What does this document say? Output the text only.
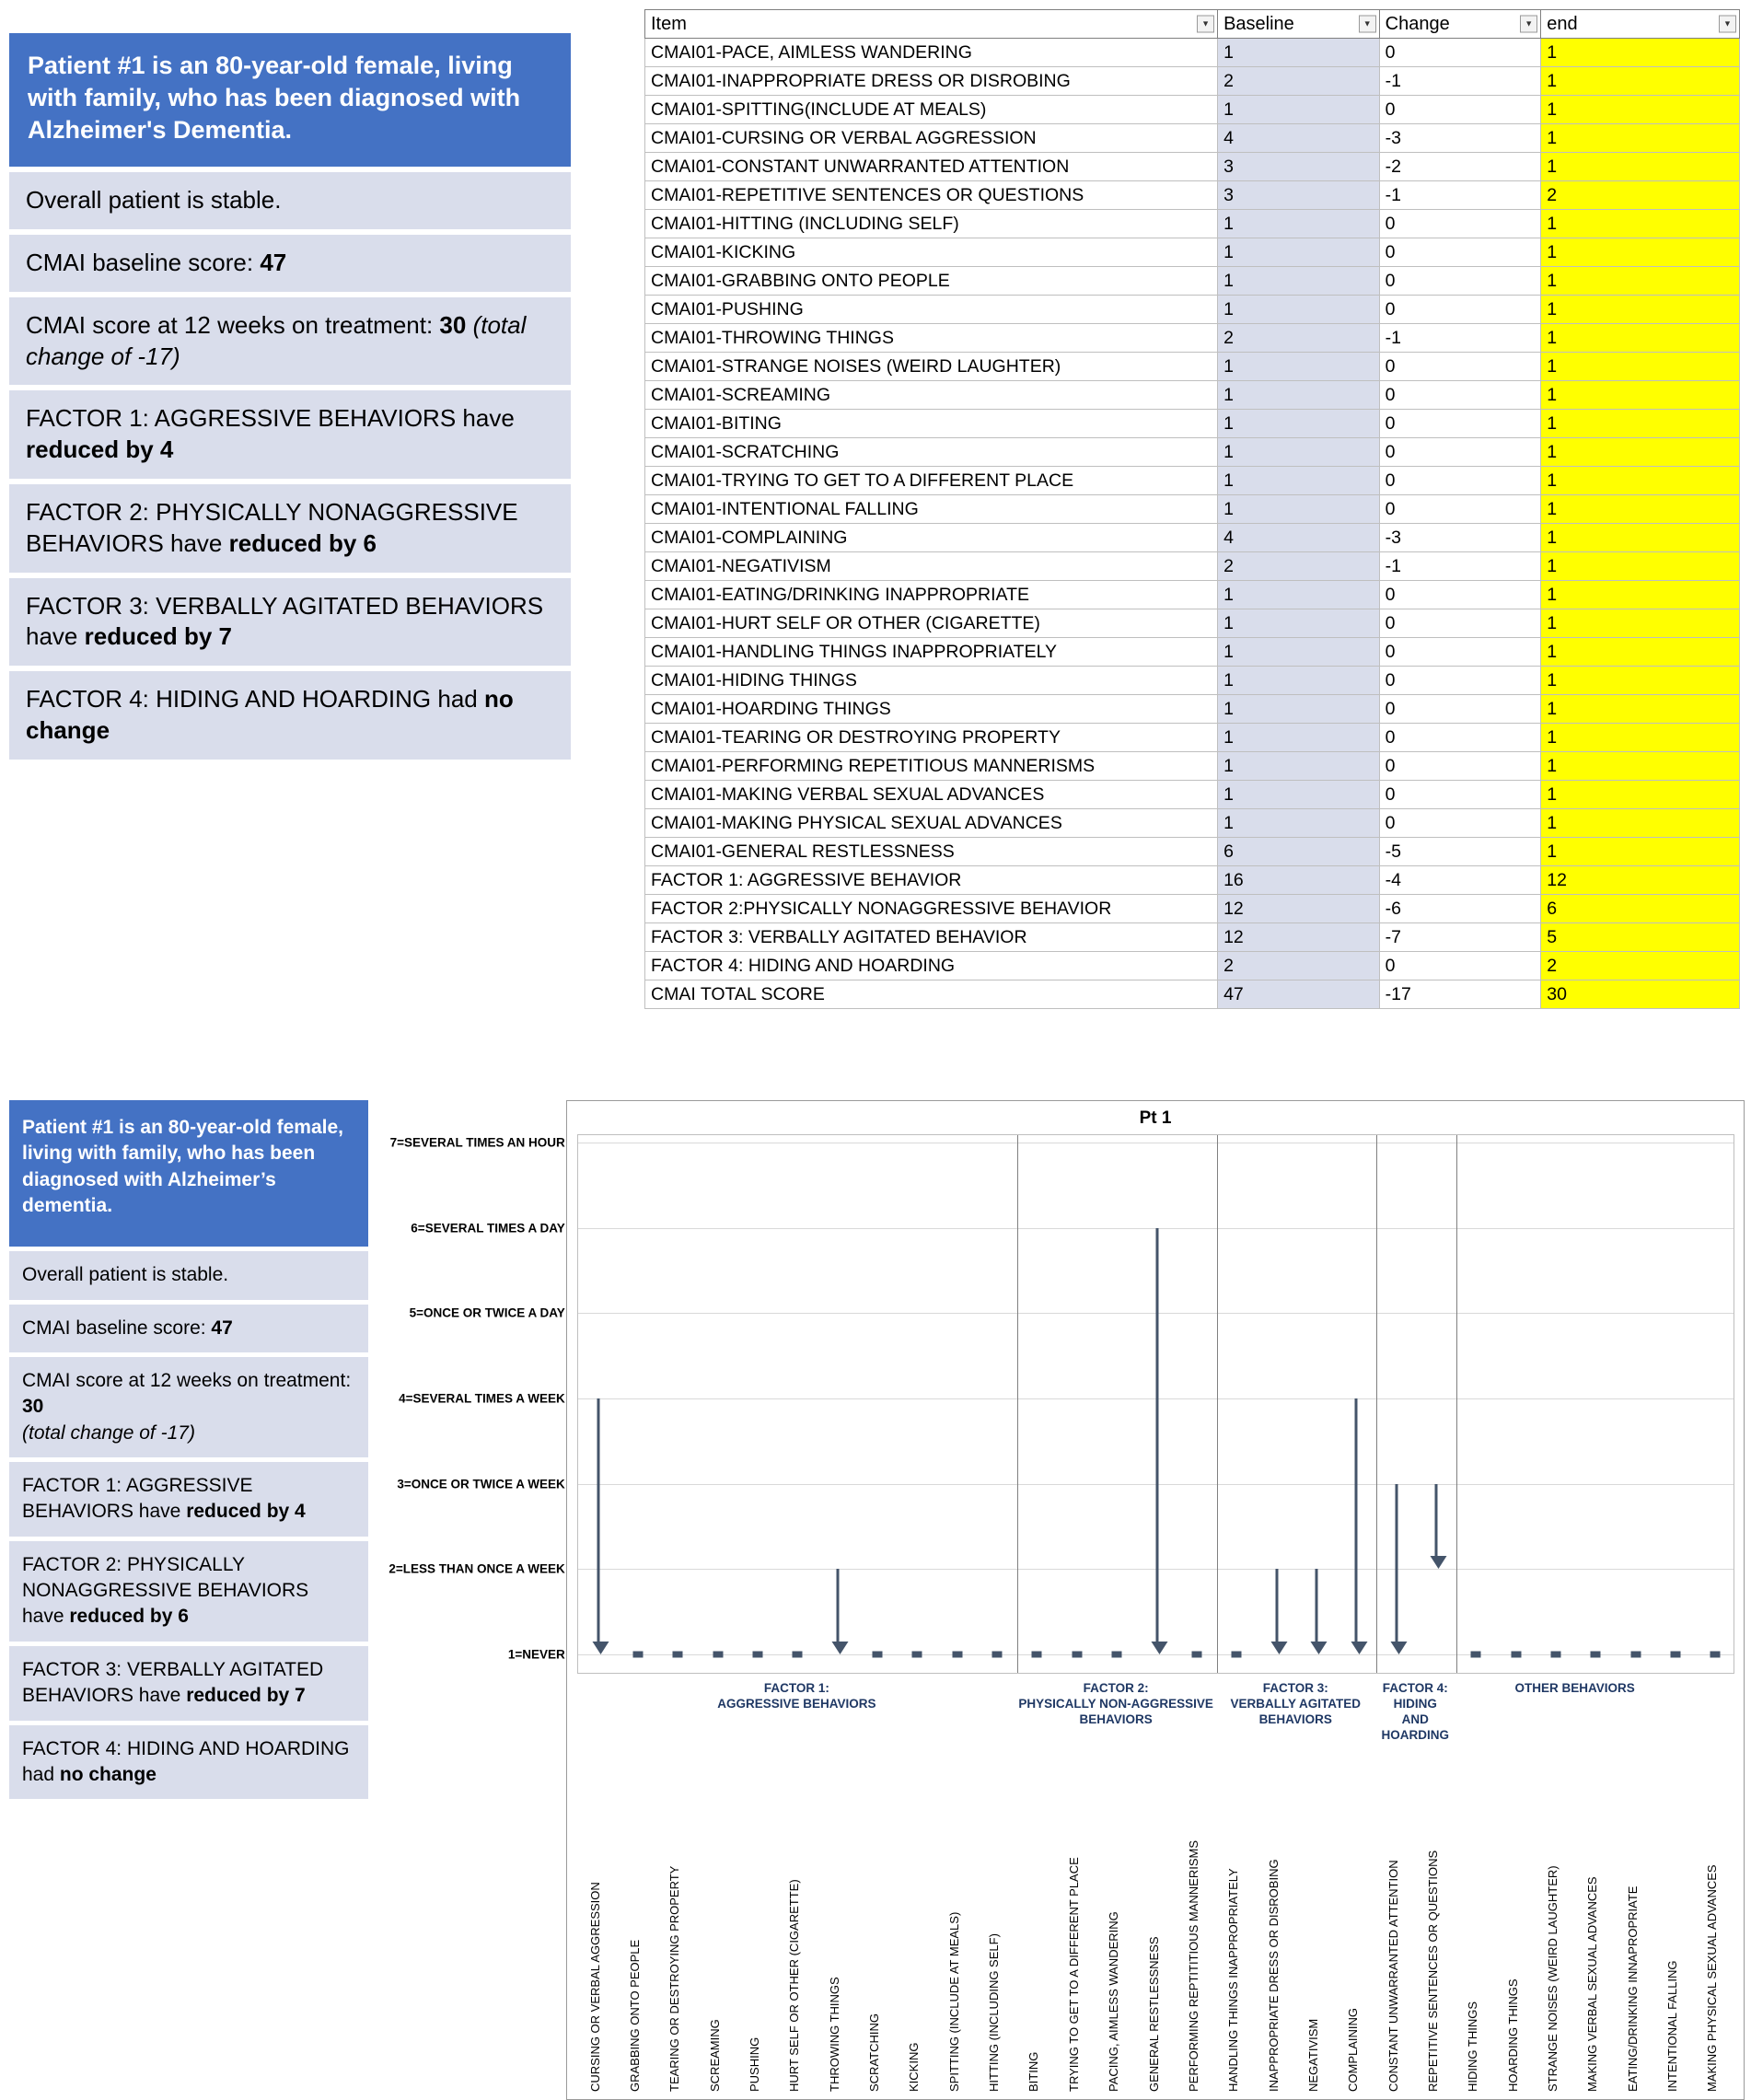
Patient #1 is an 80-year-old female, living with family, who has been diagnosed with Alzheimer's Dementia.
Overall patient is stable.
CMAI baseline score: 47
CMAI score at 12 weeks on treatment: 30 (total change of -17)
FACTOR 1: AGGRESSIVE BEHAVIORS have reduced by 4
FACTOR 2: PHYSICALLY NONAGGRESSIVE BEHAVIORS have reduced by 6
FACTOR 3: VERBALLY AGITATED BEHAVIORS have reduced by 7
FACTOR 4: HIDING AND HOARDING had no change
Item ▼	Baseline ▼	Change ▼	end ▼

CMAI01-PACE, AIMLESS WANDERING	1	0	1
CMAI01-INAPPROPRIATE DRESS OR DISROBING	2	-1	1
CMAI01-SPITTING(INCLUDE AT MEALS)	1	0	1
CMAI01-CURSING OR VERBAL AGGRESSION	4	-3	1
CMAI01-CONSTANT UNWARRANTED ATTENTION	3	-2	1
CMAI01-REPETITIVE SENTENCES OR QUESTIONS	3	-1	2
CMAI01-HITTING (INCLUDING SELF)	1	0	1
CMAI01-KICKING	1	0	1
CMAI01-GRABBING ONTO PEOPLE	1	0	1
CMAI01-PUSHING	1	0	1
CMAI01-THROWING THINGS	2	-1	1
CMAI01-STRANGE NOISES (WEIRD LAUGHTER)	1	0	1
CMAI01-SCREAMING	1	0	1
CMAI01-BITING	1	0	1
CMAI01-SCRATCHING	1	0	1
CMAI01-TRYING TO GET TO A DIFFERENT PLACE	1	0	1
CMAI01-INTENTIONAL FALLING	1	0	1
CMAI01-COMPLAINING	4	-3	1
CMAI01-NEGATIVISM	2	-1	1
CMAI01-EATING/DRINKING INAPPROPRIATE	1	0	1
CMAI01-HURT SELF OR OTHER (CIGARETTE)	1	0	1
CMAI01-HANDLING THINGS INAPPROPRIATELY	1	0	1
CMAI01-HIDING THINGS	1	0	1
CMAI01-HOARDING THINGS	1	0	1
CMAI01-TEARING OR DESTROYING PROPERTY	1	0	1
CMAI01-PERFORMING REPETITIOUS MANNERISMS	1	0	1
CMAI01-MAKING VERBAL SEXUAL ADVANCES	1	0	1
CMAI01-MAKING PHYSICAL SEXUAL ADVANCES	1	0	1
CMAI01-GENERAL RESTLESSNESS	6	-5	1
FACTOR 1: AGGRESSIVE BEHAVIOR	16	-4	12
FACTOR 2:PHYSICALLY NONAGGRESSIVE BEHAVIOR	12	-6	6
FACTOR 3: VERBALLY AGITATED BEHAVIOR	12	-7	5
FACTOR 4: HIDING AND HOARDING	2	0	2
CMAI TOTAL SCORE	47	-17	30
Patient #1 is an 80-year-old female, living with family, who has been diagnosed with Alzheimer’s dementia.
Overall patient is stable.
CMAI baseline score: 47
CMAI score at 12 weeks on treatment: 30
(total change of -17)
FACTOR 1: AGGRESSIVE BEHAVIORS have reduced by 4
FACTOR 2: PHYSICALLY NONAGGRESSIVE BEHAVIORS have reduced by 6
FACTOR 3: VERBALLY AGITATED BEHAVIORS have reduced by 7
FACTOR 4: HIDING AND HOARDING had no change
Pt 1
7=SEVERAL TIMES AN HOUR
6=SEVERAL TIMES A DAY
5=ONCE OR TWICE A DAY
4=SEVERAL TIMES A WEEK
3=ONCE OR TWICE A WEEK
2=LESS THAN ONCE A WEEK
1=NEVER
FACTOR 1:
AGGRESSIVE BEHAVIORS
FACTOR 2:
PHYSICALLY NON-AGGRESSIVE
BEHAVIORS
FACTOR 3:
VERBALLY AGITATED
BEHAVIORS
FACTOR 4:
HIDING
AND
HOARDING
OTHER BEHAVIORS
CURSING OR VERBAL AGGRESSION GRABBING ONTO PEOPLE TEARING OR DESTROYING PROPERTY SCREAMING PUSHING HURT SELF OR OTHER (CIGARETTE) THROWING THINGS SCRATCHING KICKING SPITTING (INCLUDE AT MEALS) HITTING (INCLUDING SELF) BITING TRYING TO GET TO A DIFFERENT PLACE PACING, AIMLESS WANDERING GENERAL RESTLESSNESS PERFORMING REPTITITIOUS MANNERISMS HANDLING THINGS INAPPROPRIATELY INAPPROPRIATE DRESS OR DISROBING NEGATIVISM COMPLAINING CONSTANT UNWARRANTED ATTENTION REPETITIVE SENTENCES OR QUESTIONS HIDING THINGS HOARDING THINGS STRANGE NOISES (WEIRD LAUGHTER) MAKING VERBAL SEXUAL ADVANCES EATING/DRINKING INNAPROPRIATE INTENTIONAL FALLING MAKING PHYSICAL SEXUAL ADVANCES
